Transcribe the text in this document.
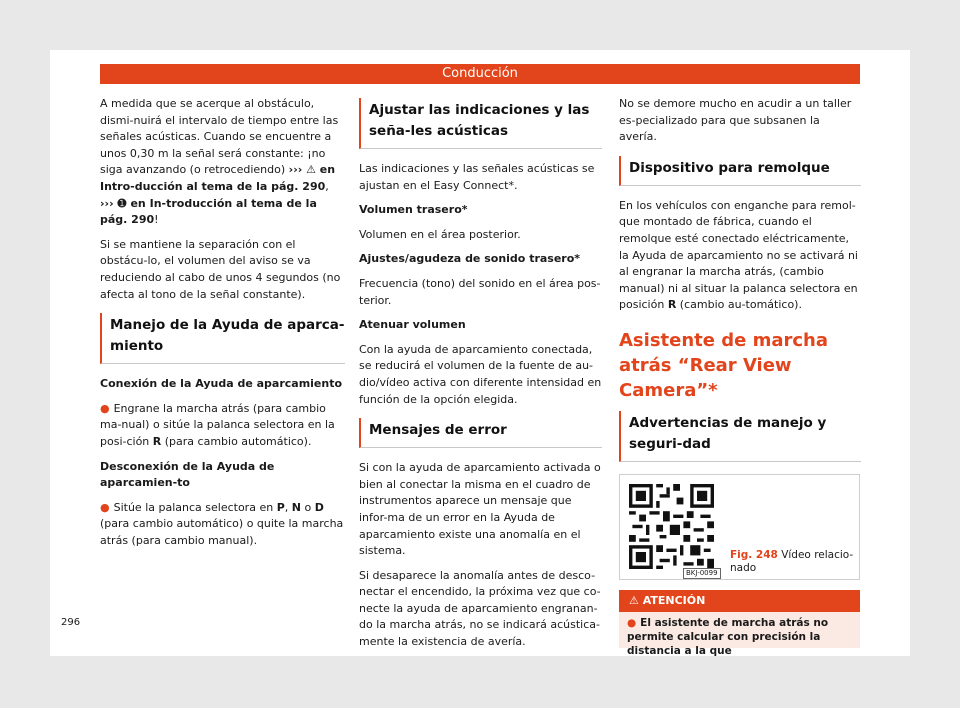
Conducción

A medida que se acerque al obstáculo, dismi-nuirá el intervalo de tiempo entre las señales acústicas. Cuando se encuentre a unos 0,30 m la señal será constante: ¡no siga avanzando (o retrocediendo) ››› ⚠ en Intro-ducción al tema de la pág. 290, ››› ➊ en In-troducción al tema de la pág. 290!

Si se mantiene la separación con el obstácu-lo, el volumen del aviso se va reduciendo al cabo de unos 4 segundos (no afecta al tono de la señal constante).

Manejo de la Ayuda de aparca-miento

Conexión de la Ayuda de aparcamiento

● Engrane la marcha atrás (para cambio ma-nual) o sitúe la palanca selectora en la posi-ción R (para cambio automático).

Desconexión de la Ayuda de aparcamien-to

● Sitúe la palanca selectora en P, N o D (para cambio automático) o quite la marcha atrás (para cambio manual).

Ajustar las indicaciones y las seña-les acústicas

Las indicaciones y las señales acústicas se ajustan en el Easy Connect*.

Volumen trasero*

Volumen en el área posterior.

Ajustes/agudeza de sonido trasero*

Frecuencia (tono) del sonido en el área pos-terior.

Atenuar volumen

Con la ayuda de aparcamiento conectada, se reducirá el volumen de la fuente de au-dio/vídeo activa con diferente intensidad en función de la opción elegida.

Mensajes de error

Si con la ayuda de aparcamiento activada o bien al conectar la misma en el cuadro de instrumentos aparece un mensaje que infor-ma de un error en la Ayuda de aparcamiento existe una anomalía en el sistema.

Si desaparece la anomalía antes de desco-nectar el encendido, la próxima vez que co-necte la ayuda de aparcamiento engranan-do la marcha atrás, no se indicará acústica-mente la existencia de avería.

No se demore mucho en acudir a un taller es-pecializado para que subsanen la avería.

Dispositivo para remolque

En los vehículos con enganche para remol-que montado de fábrica, cuando el remolque esté conectado eléctricamente, la Ayuda de aparcamiento no se activará ni al engranar la marcha atrás, (cambio manual) ni al situar la palanca selectora en posición R (cambio au-tomático).

Asistente de marcha atrás “Rear View Camera”*
Advertencias de manejo y seguri-dad
BKJ-0099
Fig. 248 Vídeo relacio-nado
⚠ ATENCIÓN
● El asistente de marcha atrás no permite calcular con precisión la distancia a la que
296
